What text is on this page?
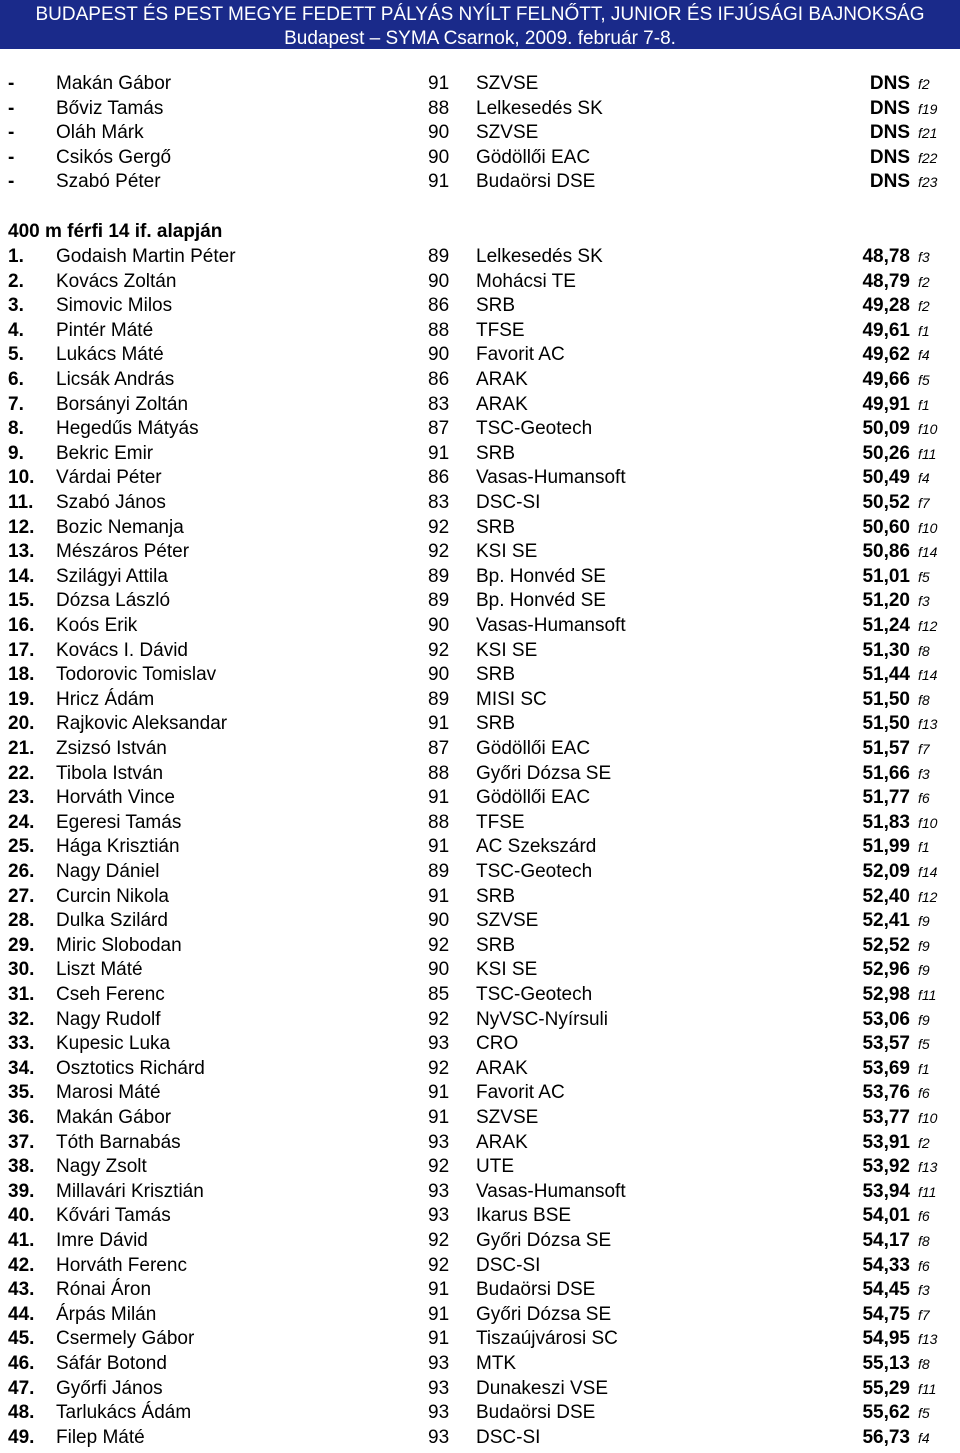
BUDAPEST ÉS PEST MEGYE FEDETT PÁLYÁS NYÍLT FELNŐTT, JUNIOR ÉS IFJÚSÁGI BAJNOKSÁG
Budapest – SYMA Csarnok, 2009. február 7-8.
- Makán Gábor	91 SZVSE	DNS f2
- Bőviz Tamás	88 Lelkesedés SK	DNS f19
- Oláh Márk	90 SZVSE	DNS f21
- Csikós Gergő	90 Gödöllői EAC	DNS f22
- Szabó Péter	91 Budaörsi DSE	DNS f23
400 m férfi 14 if. alapján
1. Godaish Martin Péter	89 Lelkesedés SK	48,78 f3
2. Kovács Zoltán	90 Mohácsi TE	48,79 f2
3. Simovic Milos	86 SRB	49,28 f2
4. Pintér Máté	88 TFSE	49,61 f1
5. Lukács Máté	90 Favorit AC	49,62 f4
6. Licsák András	86 ARAK	49,66 f5
7. Borsányi Zoltán	83 ARAK	49,91 f1
8. Hegedűs Mátyás	87 TSC-Geotech	50,09 f10
9. Bekric Emir	91 SRB	50,26 f11
10. Várdai Péter	86 Vasas-Humansoft	50,49 f4
11. Szabó János	83 DSC-SI	50,52 f7
12. Bozic Nemanja	92 SRB	50,60 f10
13. Mészáros Péter	92 KSI SE	50,86 f14
14. Szilágyi Attila	89 Bp. Honvéd SE	51,01 f5
15. Dózsa László	89 Bp. Honvéd SE	51,20 f3
16. Koós Erik	90 Vasas-Humansoft	51,24 f12
17. Kovács I. Dávid	92 KSI SE	51,30 f8
18. Todorovic Tomislav	90 SRB	51,44 f14
19. Hricz Ádám	89 MISI SC	51,50 f8
20. Rajkovic Aleksandar	91 SRB	51,50 f13
21. Zsizsó István	87 Gödöllői EAC	51,57 f7
22. Tibola István	88 Győri Dózsa SE	51,66 f3
23. Horváth Vince	91 Gödöllői EAC	51,77 f6
24. Egeresi Tamás	88 TFSE	51,83 f10
25. Hága Krisztián	91 AC Szekszárd	51,99 f1
26. Nagy Dániel	89 TSC-Geotech	52,09 f14
27. Curcin Nikola	91 SRB	52,40 f12
28. Dulka Szilárd	90 SZVSE	52,41 f9
29. Miric Slobodan	92 SRB	52,52 f9
30. Liszt Máté	90 KSI SE	52,96 f9
31. Cseh Ferenc	85 TSC-Geotech	52,98 f11
32. Nagy Rudolf	92 NyVSC-Nyírsuli	53,06 f9
33. Kupesic Luka	93 CRO	53,57 f5
34. Osztotics Richárd	92 ARAK	53,69 f1
35. Marosi Máté	91 Favorit AC	53,76 f6
36. Makán Gábor	91 SZVSE	53,77 f10
37. Tóth Barnabás	93 ARAK	53,91 f2
38. Nagy Zsolt	92 UTE	53,92 f13
39. Millavári Krisztián	93 Vasas-Humansoft	53,94 f11
40. Kővári Tamás	93 Ikarus BSE	54,01 f6
41. Imre Dávid	92 Győri Dózsa SE	54,17 f8
42. Horváth Ferenc	92 DSC-SI	54,33 f6
43. Rónai Áron	91 Budaörsi DSE	54,45 f3
44. Árpás Milán	91 Győri Dózsa SE	54,75 f7
45. Csermely Gábor	91 Tiszaújvárosi SC	54,95 f13
46. Sáfár Botond	93 MTK	55,13 f8
47. Győrfi János	93 Dunakeszi VSE	55,29 f11
48. Tarlukács Ádám	93 Budaörsi DSE	55,62 f5
49. Filep Máté	93 DSC-SI	56,73 f4
